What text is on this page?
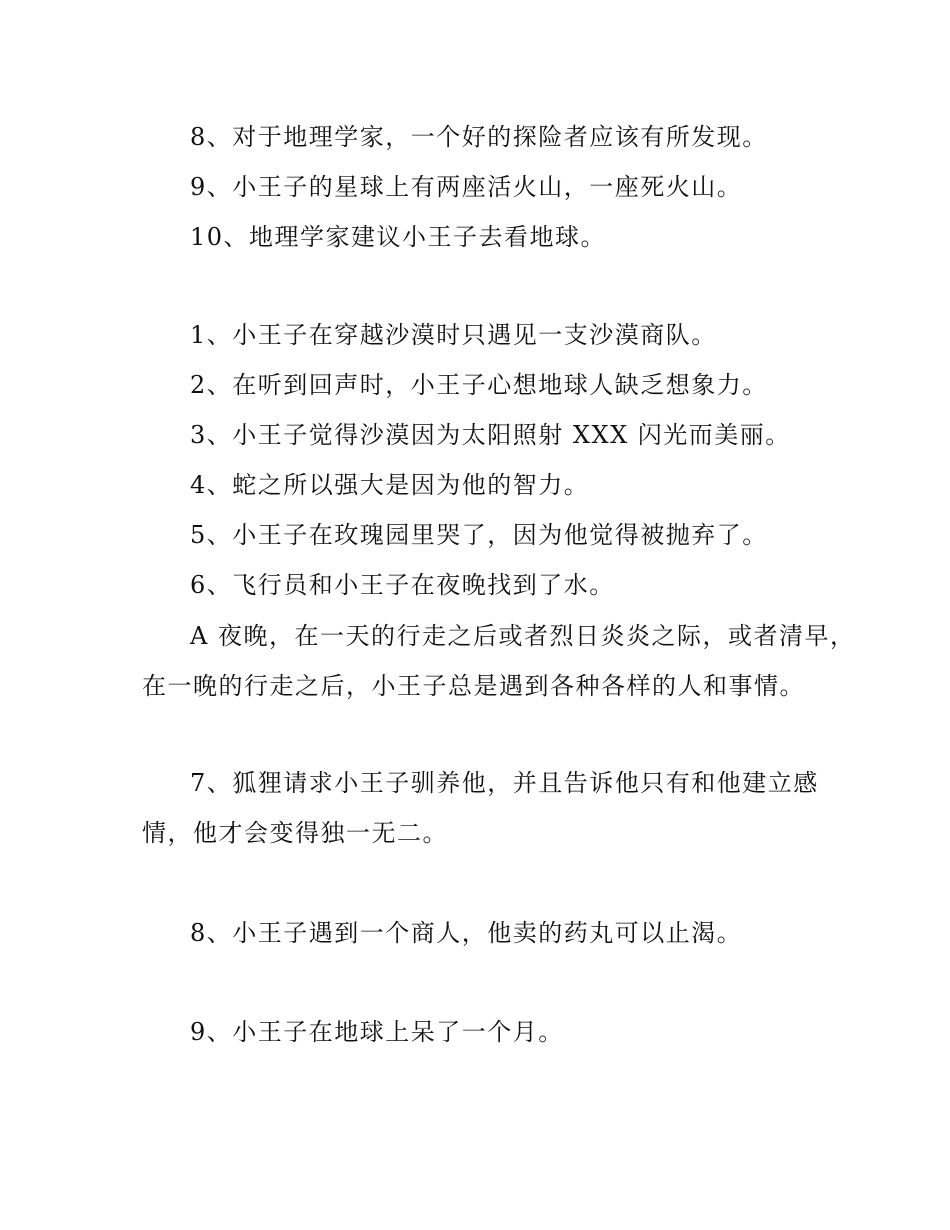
8、对于地理学家，一个好的探险者应该有所发现。
9、小王子的星球上有两座活火山，一座死火山。
10、地理学家建议小王子去看地球。
1、小王子在穿越沙漠时只遇见一支沙漠商队。
2、在听到回声时，小王子心想地球人缺乏想象力。
3、小王子觉得沙漠因为太阳照射 XXX 闪光而美丽。
4、蛇之所以强大是因为他的智力。
5、小王子在玫瑰园里哭了，因为他觉得被抛弃了。
6、飞行员和小王子在夜晚找到了水。
A 夜晚，在一天的行走之后或者烈日炎炎之际，或者清早，
在一晚的行走之后，小王子总是遇到各种各样的人和事情。
7、狐狸请求小王子驯养他，并且告诉他只有和他建立感
情，他才会变得独一无二。
8、小王子遇到一个商人，他卖的药丸可以止渴。
9、小王子在地球上呆了一个月。
